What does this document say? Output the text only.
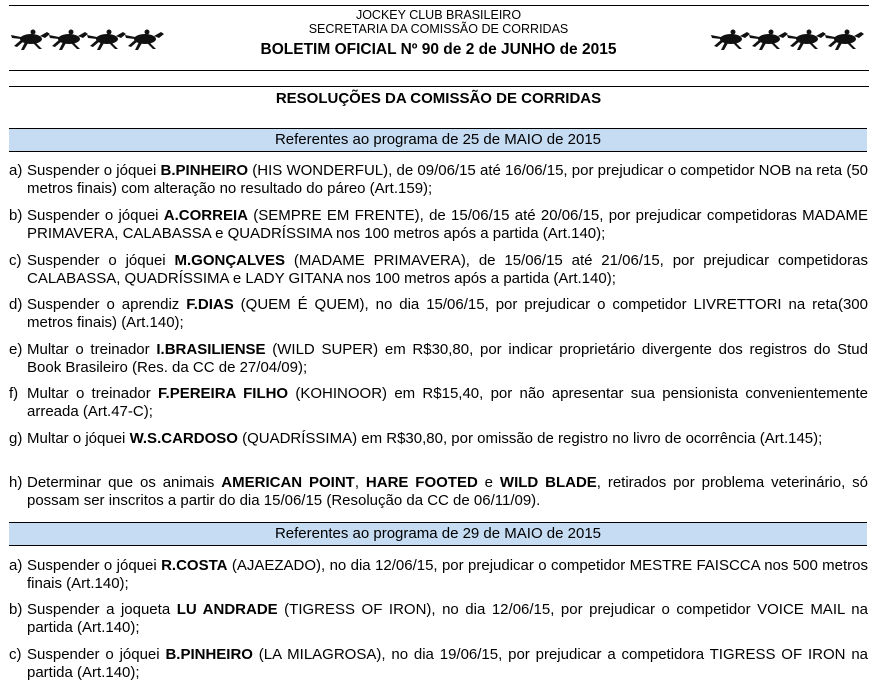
JOCKEY CLUB BRASILEIRO
SECRETARIA DA COMISSÃO DE CORRIDAS
BOLETIM OFICIAL Nº 90 de 2 de JUNHO de 2015
RESOLUÇÕES DA COMISSÃO DE CORRIDAS
Referentes ao programa de 25 de MAIO de 2015
a) Suspender o jóquei B.PINHEIRO (HIS WONDERFUL), de 09/06/15 até 16/06/15, por prejudicar o competidor NOB na reta (50 metros finais) com alteração no resultado do páreo (Art.159);
b) Suspender o jóquei A.CORREIA (SEMPRE EM FRENTE), de 15/06/15 até 20/06/15, por prejudicar competidoras MADAME PRIMAVERA, CALABASSA e QUADRÍSSIMA nos 100 metros após a partida (Art.140);
c) Suspender o jóquei M.GONÇALVES (MADAME PRIMAVERA), de 15/06/15 até 21/06/15, por prejudicar competidoras CALABASSA, QUADRÍSSIMA e LADY GITANA nos 100 metros após a partida (Art.140);
d) Suspender o aprendiz F.DIAS (QUEM É QUEM), no dia 15/06/15, por prejudicar o competidor LIVRETTORI na reta(300 metros finais) (Art.140);
e) Multar o treinador I.BRASILIENSE (WILD SUPER) em R$30,80, por indicar proprietário divergente dos registros do Stud Book Brasileiro (Res. da CC de 27/04/09);
f) Multar o treinador F.PEREIRA FILHO (KOHINOOR) em R$15,40, por não apresentar sua pensionista convenientemente arreada (Art.47-C);
g) Multar o jóquei W.S.CARDOSO (QUADRÍSSIMA) em R$30,80, por omissão de registro no livro de ocorrência (Art.145);
h) Determinar que os animais AMERICAN POINT, HARE FOOTED e WILD BLADE, retirados por problema veterinário, só possam ser inscritos a partir do dia 15/06/15 (Resolução da CC de 06/11/09).
Referentes ao programa de 29 de MAIO de 2015
a) Suspender o jóquei R.COSTA (AJAEZADO), no dia 12/06/15, por prejudicar o competidor MESTRE FAISCCA nos 500 metros finais (Art.140);
b) Suspender a joqueta LU ANDRADE (TIGRESS OF IRON), no dia 12/06/15, por prejudicar o competidor VOICE MAIL na partida (Art.140);
c) Suspender o jóquei B.PINHEIRO (LA MILAGROSA), no dia 19/06/15, por prejudicar a competidora TIGRESS OF IRON na partida (Art.140);
